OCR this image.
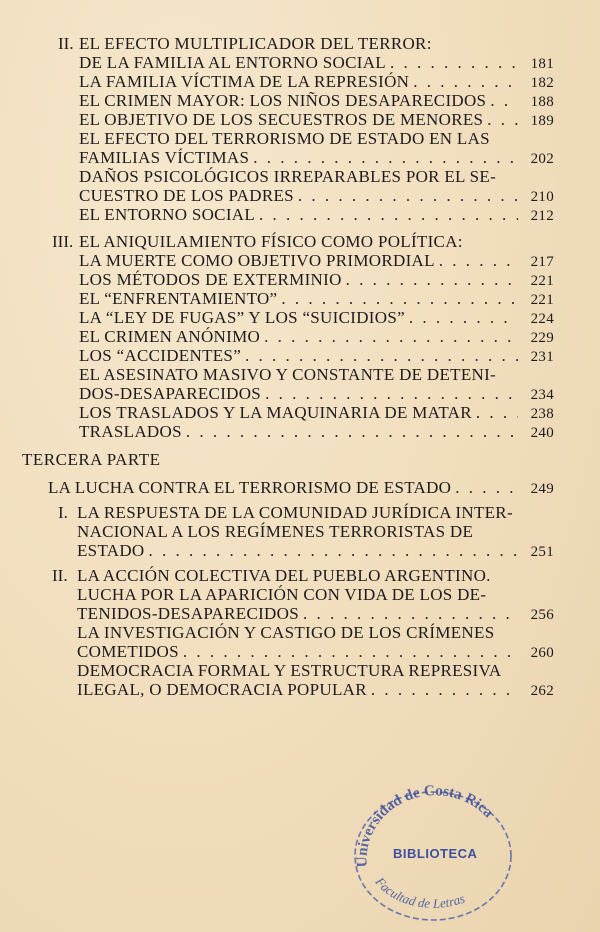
II. EL EFECTO MULTIPLICADOR DEL TERROR:
DE LA FAMILIA AL ENTORNO SOCIAL . . .	181
LA FAMILIA VÍCTIMA DE LA REPRESIÓN . . .	182
EL CRIMEN MAYOR: LOS NIÑOS DESAPARECIDOS . . .	188
EL OBJETIVO DE LOS SECUESTROS DE MENORES . . .	189
EL EFECTO DEL TERRORISMO DE ESTADO EN LAS
FAMILIAS VÍCTIMAS . . .	202
DAÑOS PSICOLÓGICOS IRREPARABLES POR EL SE-
CUESTRO DE LOS PADRES . . .	210
EL ENTORNO SOCIAL . . .	212
III. EL ANIQUILAMIENTO FÍSICO COMO POLÍTICA:
LA MUERTE COMO OBJETIVO PRIMORDIAL . . .	217
LOS MÉTODOS DE EXTERMINIO . . .	221
EL “ENFRENTAMIENTO” . . .	221
LA “LEY DE FUGAS” Y LOS “SUICIDIOS” . . .	224
EL CRIMEN ANÓNIMO . . .	229
LOS “ACCIDENTES” . . .	231
EL ASESINATO MASIVO Y CONSTANTE DE DETENI-
DOS-DESAPARECIDOS . . .	234
LOS TRASLADOS Y LA MAQUINARIA DE MATAR . . .	238
TRASLADOS . . .	240
TERCERA PARTE
LA LUCHA CONTRA EL TERRORISMO DE ESTADO . . .	249
I. LA RESPUESTA DE LA COMUNIDAD JURÍDICA INTER-
NACIONAL A LOS REGÍMENES TERRORISTAS DE
ESTADO . . .	251
II. LA ACCIÓN COLECTIVA DEL PUEBLO ARGENTINO.
LUCHA POR LA APARICIÓN CON VIDA DE LOS DE-
TENIDOS-DESAPARECIDOS . . .	256
LA INVESTIGACIÓN Y CASTIGO DE LOS CRÍMENES
COMETIDOS . . .	260
DEMOCRACIA FORMAL Y ESTRUCTURA REPRESIVA
ILEGAL, O DEMOCRACIA POPULAR . . .	262
Universidad de Costa Rica
Facultad de Letras
BIBLIOTECA
